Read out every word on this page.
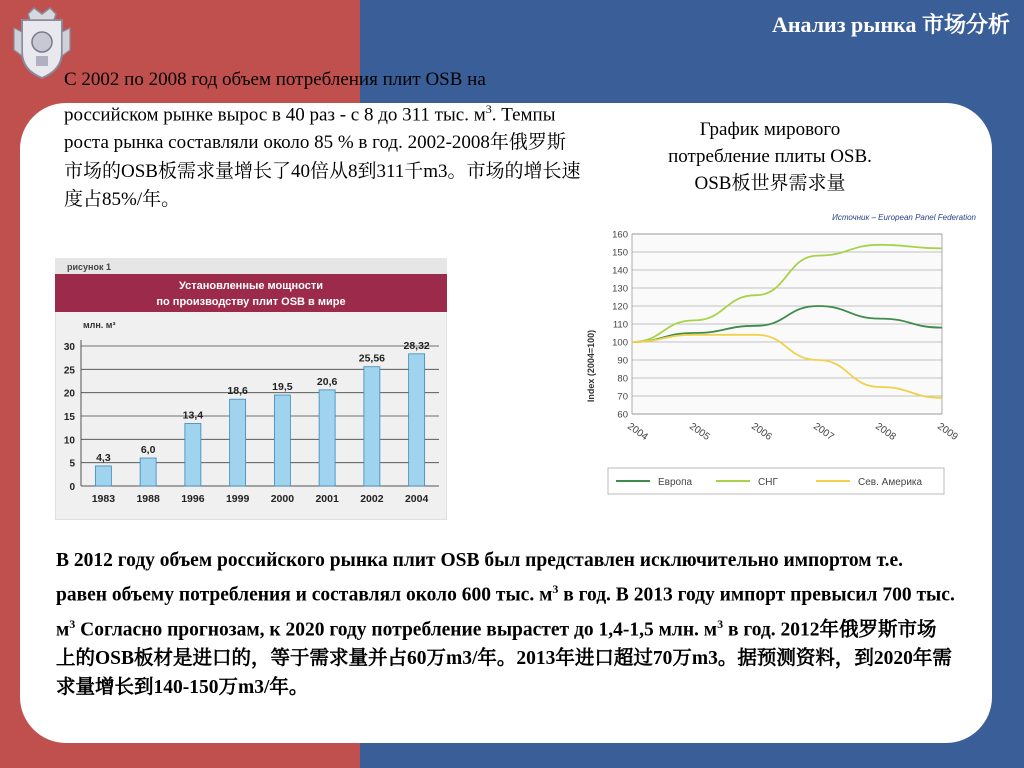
Анализ рынка 市场分析
С 2002 по 2008 год объем потребления плит OSB на российском рынке вырос в 40 раз - с 8 до 311 тыс. $м^3$. Темпы роста рынка составляли около 85 % в год. 2002-2008年俄罗斯市场的OSB板需求量增长了40倍从8到311千m3。市场的增长速度占85%/年。
рисунок 1
Установленные мощности
по производству плит OSB в мире
млн. м³
0
5
10
15
20
25
30
4,3
1983
6,0
1988
13,4
1996
18,6
1999
19,5
2000
20,6
2001
25,56
2002
28,32
2004
График мирового
потребление плиты OSB.
OSB板世界需求量
Источник – European Panel Federation
Index (2004=100)
60
70
80
90
100
110
120
130
140
150
160
2004	2005	2006	2007	2008	2009
Европа	СНГ	Сев. Америка
В 2012 году объем российского рынка плит OSB был представлен исключительно импортом т.е. равен объему потребления и составлял около 600 тыс. $м^3$ в год. В 2013 году импорт превысил 700 тыс. $м^3$ Согласно прогнозам, к 2020 году потребление вырастет до 1,4-1,5 млн. $м^3$ в год. 2012年俄罗斯市场上的OSB板材是进口的，等于需求量并占60万m3/年。2013年进口超过70万m3。据预测资料，到2020年需求量增长到140-150万m3/年。
